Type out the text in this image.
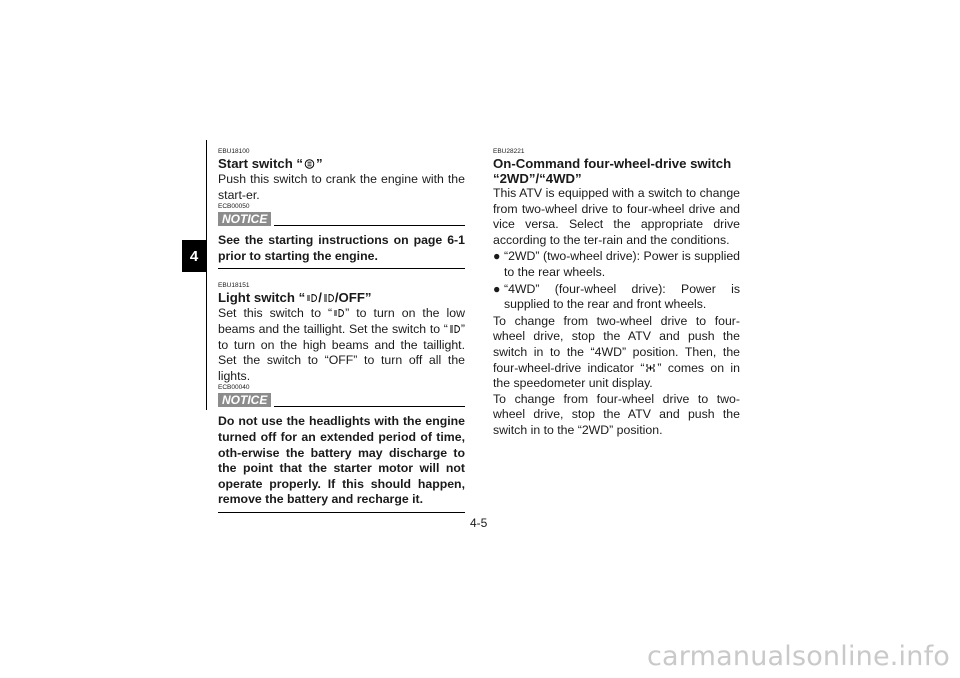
4

EBU18100

Start switch “ ”

Push this switch to crank the engine with the start-er.

ECB00050

NOTICE

See the starting instructions on page 6-1 prior to starting the engine.

EBU18151

Light switch “ / /OFF”

Set this switch to “ ” to turn on the low beams and the taillight. Set the switch to “ ” to turn on the high beams and the taillight. Set the switch to “OFF” to turn off all the lights.

ECB00040

NOTICE

Do not use the headlights with the engine turned off for an extended period of time, oth-erwise the battery may discharge to the point that the starter motor will not operate properly. If this should happen, remove the battery and recharge it.

EBU28221

On-Command four-wheel-drive switch
“2WD”/“4WD”

This ATV is equipped with a switch to change from two-wheel drive to four-wheel drive and vice versa. Select the appropriate drive according to the ter-rain and the conditions.

● “2WD” (two-wheel drive): Power is supplied to the rear wheels.
● “4WD” (four-wheel drive): Power is supplied to the rear and front wheels.

To change from two-wheel drive to four-wheel drive, stop the ATV and push the switch in to the “4WD” position. Then, the four-wheel-drive indicator “ ” comes on in the speedometer unit display.

To change from four-wheel drive to two-wheel drive, stop the ATV and push the switch in to the “2WD” position.

4-5
carmanualsonline.info
